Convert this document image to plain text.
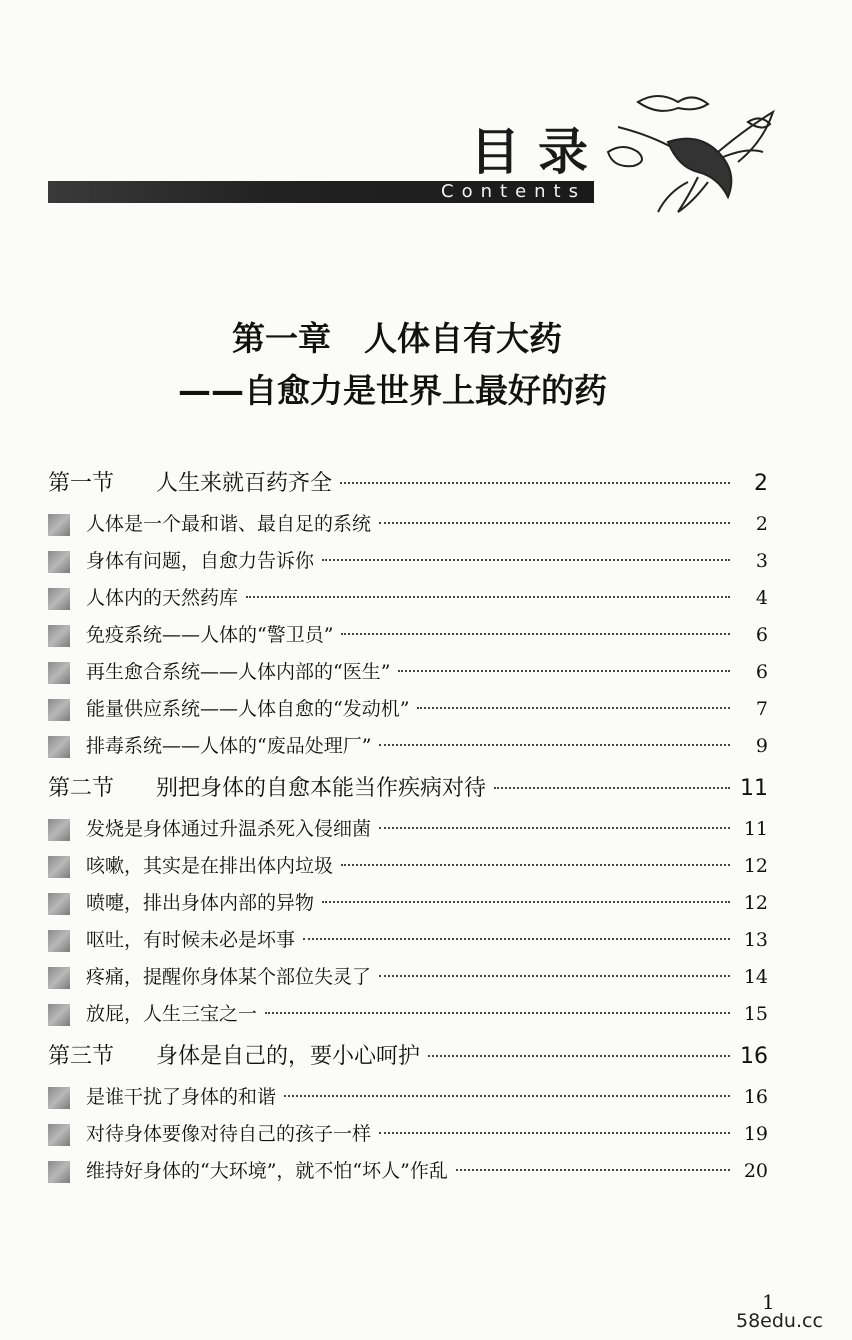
目录
Contents
第一章　人体自有大药
——自愈力是世界上最好的药
第一节	人生来就百药齐全	2
人体是一个最和谐、最自足的系统	2
身体有问题，自愈力告诉你	3
人体内的天然药库	4
免疫系统——人体的“警卫员”	6
再生愈合系统——人体内部的“医生”	6
能量供应系统——人体自愈的“发动机”	7
排毒系统——人体的“废品处理厂”	9
第二节	别把身体的自愈本能当作疾病对待	11
发烧是身体通过升温杀死入侵细菌	11
咳嗽，其实是在排出体内垃圾	12
喷嚏，排出身体内部的异物	12
呕吐，有时候未必是坏事	13
疼痛，提醒你身体某个部位失灵了	14
放屁，人生三宝之一	15
第三节	身体是自己的，要小心呵护	16
是谁干扰了身体的和谐	16
对待身体要像对待自己的孩子一样	19
维持好身体的“大环境”，就不怕“坏人”作乱	20
1
58edu.cc
